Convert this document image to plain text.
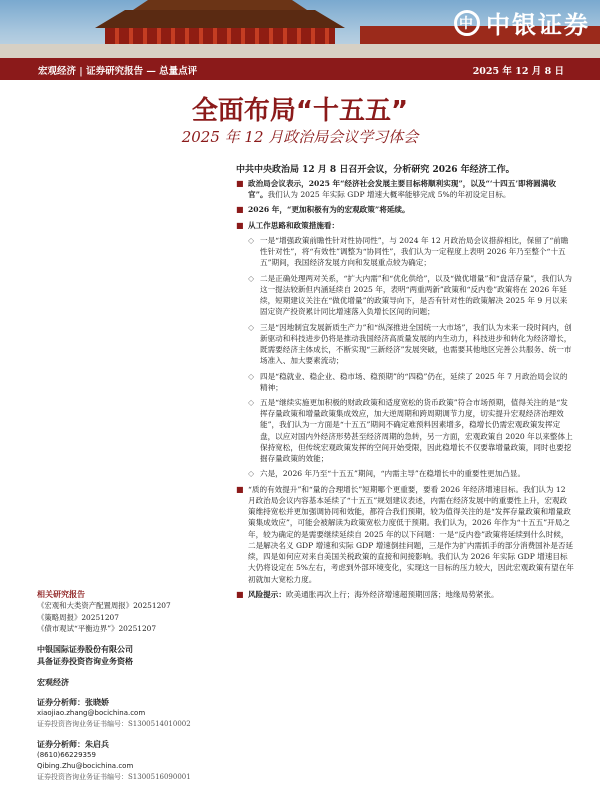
中 中银证券
宏观经济 | 证券研究报告 — 总量点评	2025 年 12 月 8 日
全面布局“十五五”
2025 年 12 月政治局会议学习体会
中共中央政治局 12 月 8 日召开会议，分析研究 2026 年经济工作。
■ 政治局会议表示，2025 年“经济社会发展主要目标将顺利实现”，以及“‘十四五’即将圆满收官”。我们认为 2025 年实际 GDP 增速大概率能够完成 5%的年初设定目标。
■ 2026 年，“更加积极有为的宏观政策”将延续。
■ 从工作思路和政策措施看：
◇ 一是“增强政策前瞻性针对性协同性”，与 2024 年 12 月政治局会议措辞相比，保留了“前瞻性针对性”，将“有效性”调整为“协同性”，我们认为一定程度上表明 2026 年乃至整个“十五五”期间，我国经济发展方向和发展重点较为确定；
◇ 二是正确处理两对关系，“扩大内需”和“优化供给”，以及“做优增量”和“盘活存量”，我们认为这一提法较新但内涵延续自 2025 年，表明“两重两新”政策和“反内卷”政策将在 2026 年延续，短期建议关注在“做优增量”的政策导向下，是否有针对性的政策解决 2025 年 9 月以来固定资产投资累计同比增速落入负增长区间的问题；
◇ 三是“因地制宜发展新质生产力”和“纵深推进全国统一大市场”，我们认为未来一段时间内，创新驱动和科技进步仍将是推动我国经济高质量发展的内生动力，科技进步和转化为经济增长，既需要经济主体成长，不断实现“三新经济”发展突破，也需要其他地区完善公共服务、统一市场准入、加大要素流动；
◇ 四是“稳就业、稳企业、稳市场、稳预期”的“四稳”仍在，延续了 2025 年 7 月政治局会议的精神；
◇ 五是“继续实施更加积极的财政政策和适度宽松的货币政策”符合市场预期，值得关注的是“发挥存量政策和增量政策集成效应，加大逆周期和跨周期调节力度，切实提升宏观经济治理效能”，我们认为一方面是“十五五”期间不确定难预料因素增多，稳增长仍需宏观政策发挥定盘，以应对国内外经济形势甚至经济周期的急转，另一方面，宏观政策自 2020 年以来整体上保持宽松，但传统宏观政策发挥的空间开始受限，因此稳增长不仅要靠增量政策，同时也要挖掘存量政策的效能；
◇ 六是，2026 年乃至“十五五”期间，“内需主导”在稳增长中的重要性更加凸显。
■ “质的有效提升”和“量的合理增长”短期哪个更重要，要看 2026 年经济增速目标。我们认为 12 月政治局会议内容基本延续了“十五五”规划建议表述，内需在经济发展中的重要性上升，宏观政策维持宽松并更加强调协同和效能，都符合我们预期，较为值得关注的是“发挥存量政策和增量政策集成效应”，可能会被解读为政策宽松力度低于预期。我们认为，2026 年作为“十五五”开局之年，较为确定的是需要继续延续自 2025 年的以下问题：一是“反内卷”政策将延续到什么时候，二是解决名义 GDP 增速和实际 GDP 增速倒挂问题，三是作为扩内需抓手的部分消费国补是否延续，四是如何应对来自美国关税政策的直接和间接影响。我们认为 2026 年实际 GDP 增速目标大仍将设定在 5%左右，考虑到外部环境变化，实现这一目标的压力较大，因此宏观政策有望在年初就加大宽松力度。
■ 风险提示：欧美通胀再次上行；海外经济增速超预期回落；地缘局势紧张。
相关研究报告
《宏观和大类资产配置周报》20251207
《策略周报》20251207
《债市观试“平衡边界”》20251207
中银国际证券股份有限公司
具备证券投资咨询业务资格
宏观经济
证券分析师：张晓娇
xiaojiao.zhang@bocichina.com
证券投资咨询业务证书编号：S1300514010002
证券分析师：朱启兵
(8610)66229359
Qibing.Zhu@bocichina.com
证券投资咨询业务证书编号：S1300516090001
